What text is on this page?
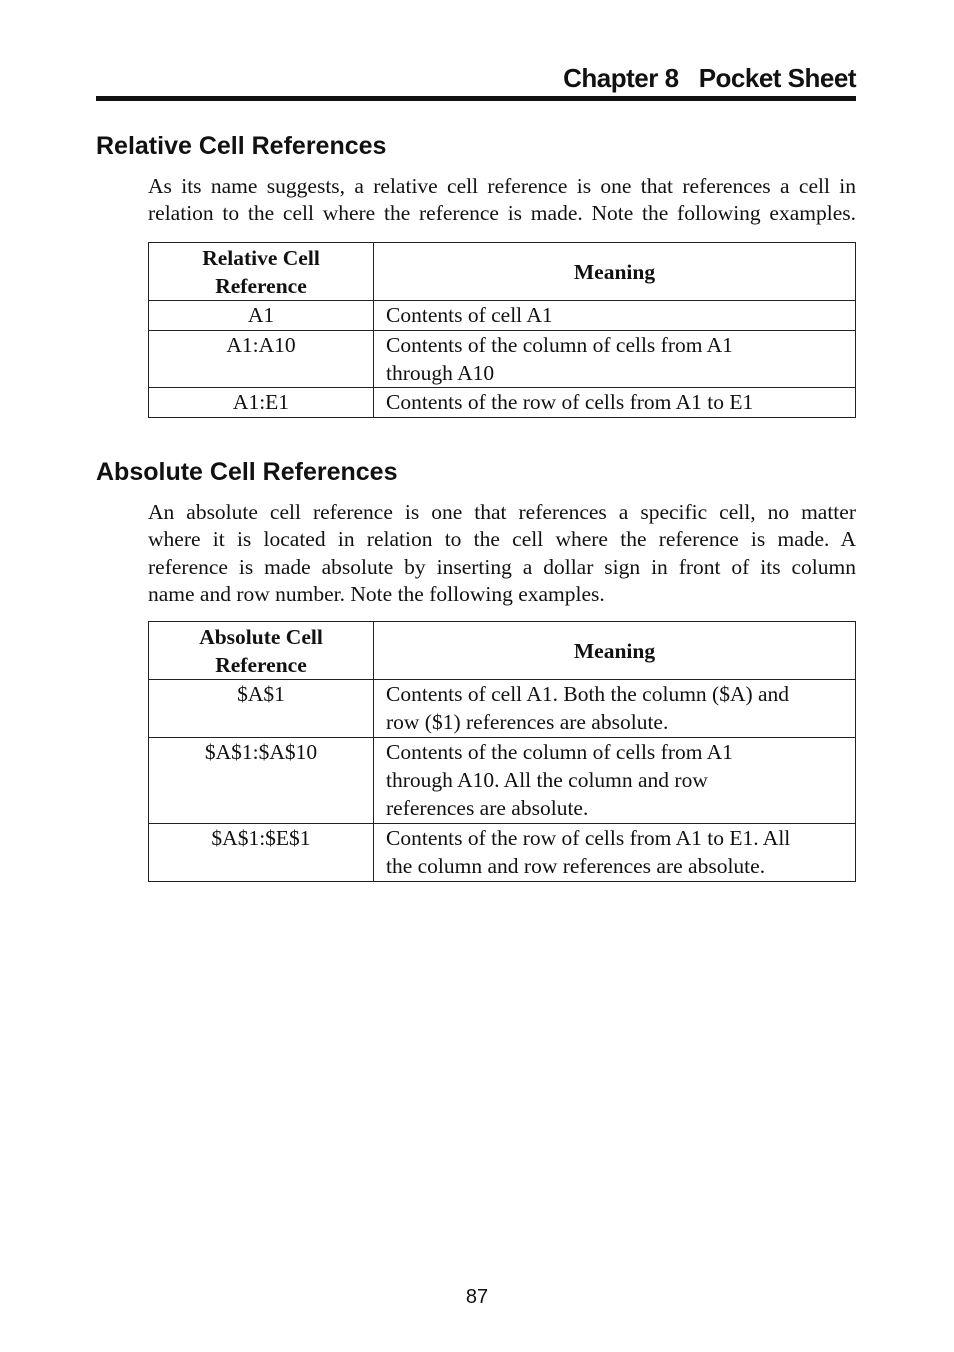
Chapter 8   Pocket Sheet
Relative Cell References
As its name suggests, a relative cell reference is one that references a cell in
relation to the cell where the reference is made. Note the following examples.
Relative Cell
Reference	Meaning
A1	Contents of cell A1

A1:A10	Contents of the column of cells from A1
through A10

A1:E1	Contents of the row of cells from A1 to E1
Absolute Cell References
An absolute cell reference is one that references a specific cell, no matter
where it is located in relation to the cell where the reference is made. A
reference is made absolute by inserting a dollar sign in front of its column
name and row number. Note the following examples.
Absolute Cell
Reference	Meaning
$A$1	Contents of cell A1. Both the column ($A) and
row ($1) references are absolute.

$A$1:$A$10	Contents of the column of cells from A1
through A10. All the column and row
references are absolute.

$A$1:$E$1	Contents of the row of cells from A1 to E1. All
the column and row references are absolute.
87
